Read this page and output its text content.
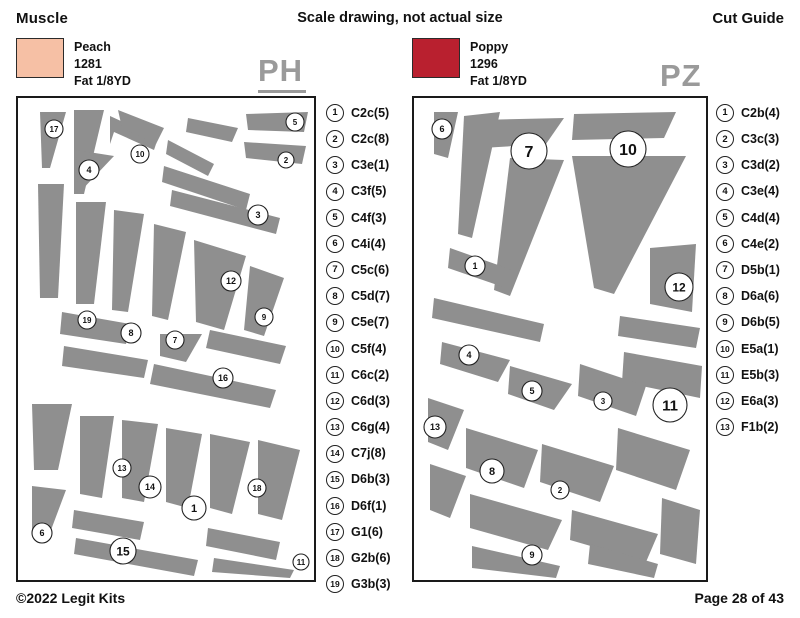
Muscle	Scale drawing, not actual size	Cut Guide
Peach
1281
Fat 1/8YD	PH
Poppy
1296
Fat 1/8YD	PZ
17
5
10
2
4
3
12
9
19
8
7
16
13
14	18
1
6
15
11
1	C2c(5)
2	C2c(8)
3	C3e(1)
4	C3f(5)
5	C4f(3)
6	C4i(4)
7	C5c(6)
8	C5d(7)
9	C5e(7)
10 C5f(4)
11 C6c(2)
12 C6d(3)
13 C6g(4)
14 C7j(8)
15 D6b(3)
16 D6f(1)
17 G1(6)
18 G2b(6)
19 G3b(3)
6
7	10
1
12
4
5
3	11
13
8
2
9
1	C2b(4)
2	C3c(3)
3	C3d(2)
4	C3e(4)
5	C4d(4)
6	C4e(2)
7	D5b(1)
8	D6a(6)
9	D6b(5)
10 E5a(1)
11 E5b(3)
12 E6a(3)
13 F1b(2)
©2022 Legit Kits	Page 28 of 43
